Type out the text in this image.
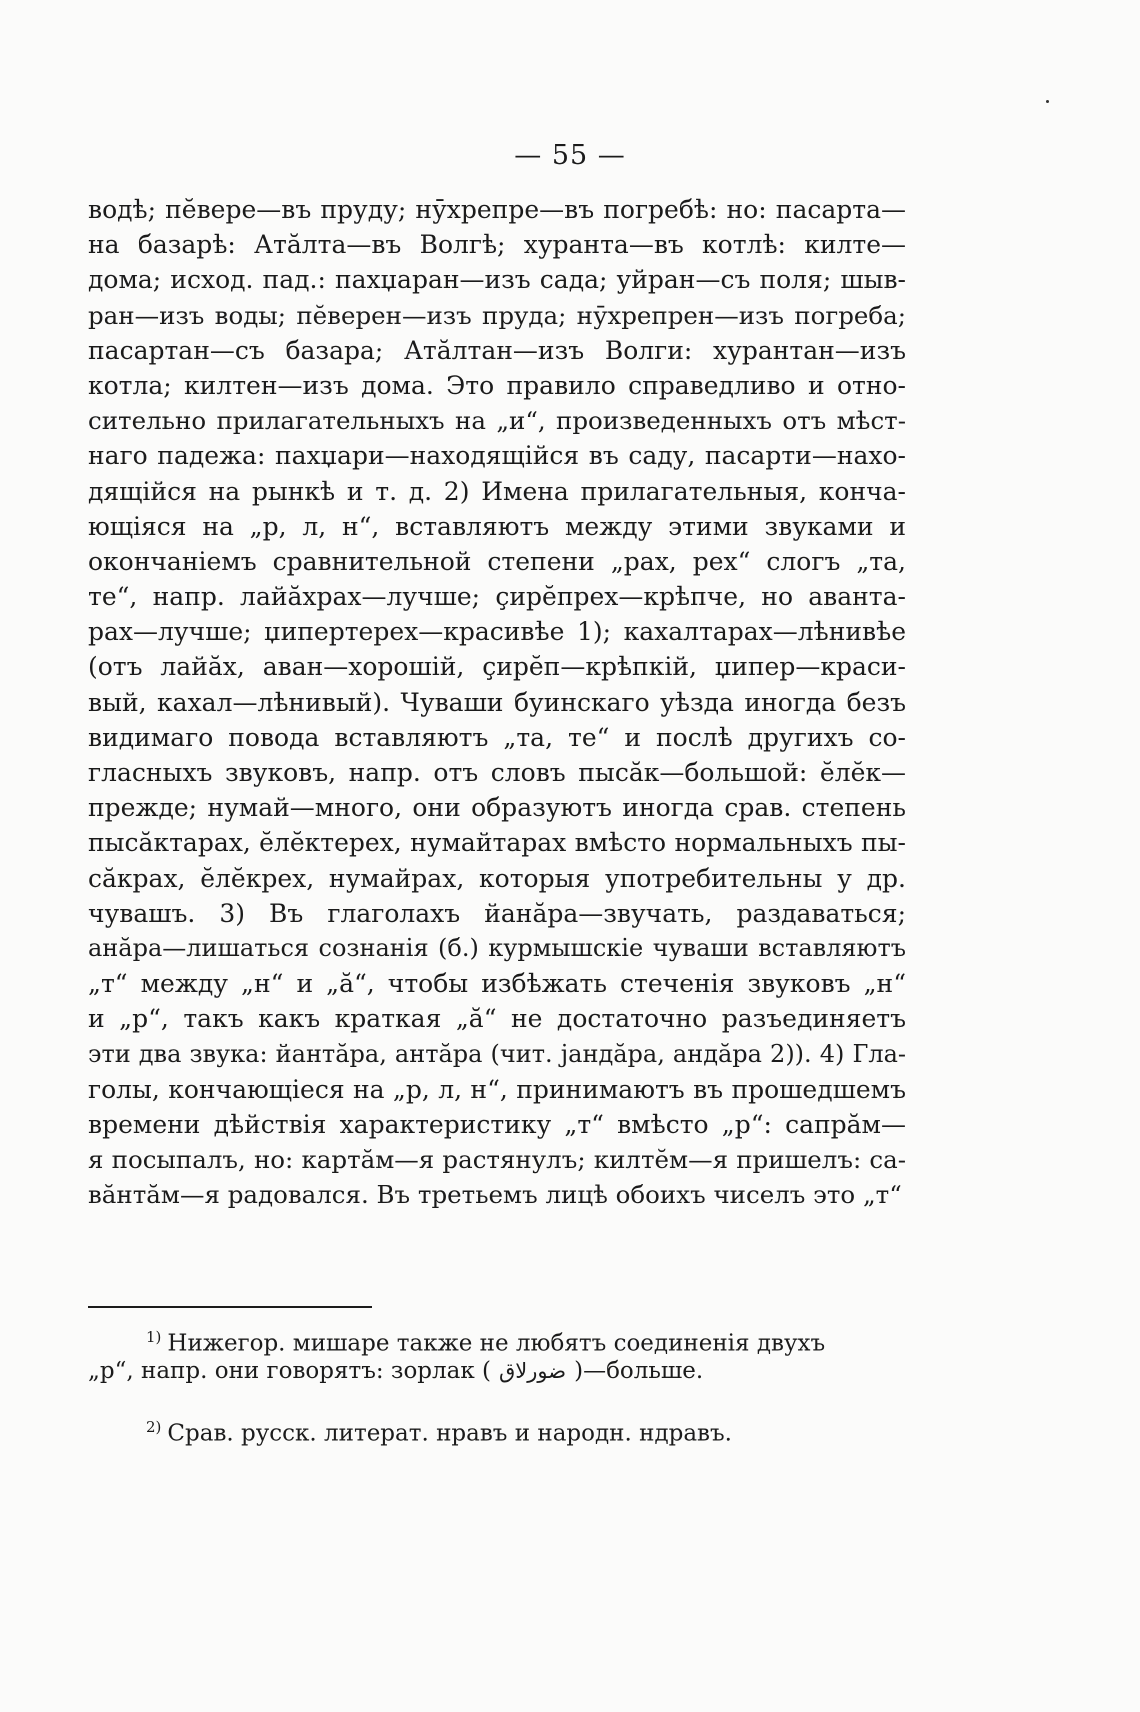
— 55 —
водѣ; пĕвере—въ пруду; нӯхрепре—въ погребѣ: но: пасарта—
на базарѣ: Атӑлта—въ Волгѣ; хуранта—въ котлѣ: килте—
дома; исход. пад.: пахџаран—изъ сада; уйран—съ поля; шыв-
ран—изъ воды; пĕверен—изъ пруда; нӯхрепрен—изъ погреба;
пасартан—съ базара; Атӑлтан—изъ Волги: хурантан—изъ
котла; килтен—изъ дома. Это правило справедливо и отно-
сительно прилагательныхъ на „и“, произведенныхъ отъ мѣст-
наго падежа: пахџари—находящійся въ саду, пасарти—нахо-
дящійся на рынкѣ и т. д. 2) Имена прилагательныя, конча-
ющіяся на „р, л, н“, вставляютъ между этими звуками и
окончаніемъ сравнительной степени „рах, рех“ слогъ „та,
те“, напр. лайӑхрах—лучше; çирĕпрех—крѣпче, но аванта-
рах—лучше; џипертерех—красивѣе 1); кахалтарах—лѣнивѣе
(отъ лайӑх, аван—хорошій, çирĕп—крѣпкій, џипер—краси-
вый, кахал—лѣнивый). Чуваши буинскаго уѣзда иногда безъ
видимаго повода вставляютъ „та, те“ и послѣ другихъ со-
гласныхъ звуковъ, напр. отъ словъ пысӑк—большой: ĕлĕк—
прежде; нумай—много, они образуютъ иногда срав. степень
пысӑктарах, ĕлĕктерех, нумайтарах вмѣсто нормальныхъ пы-
сӑкрах, ĕлĕкрех, нумайрах, которыя употребительны у др.
чувашъ. 3) Въ глаголахъ йанӑра—звучать, раздаваться;
анӑра—лишаться сознанія (б.) курмышскіе чуваши вставляютъ
„т“ между „н“ и „ӑ“, чтобы избѣжать стеченія звуковъ „н“
и „р“, такъ какъ краткая „ӑ“ не достаточно разъединяетъ
эти два звука: йантӑра, антӑра (чит. јандӑра, андӑра 2)). 4) Гла-
голы, кончающіеся на „р, л, н“, принимаютъ въ прошедшемъ
времени дѣйствія характеристику „т“ вмѣсто „р“: сапрӑм—
я посыпалъ, но: картӑм—я растянулъ; килтĕм—я пришелъ: са-
вӑнтӑм—я радовался. Въ третьемъ лицѣ обоихъ чиселъ это „т“
$^{1)}$ Нижегор. мишаре также не любятъ соединенія двухъ
„р“, напр. они говорятъ: зорлак ( ضورلاق )—больше.
$^{2)}$ Срав. русск. литерат. нравъ и народн. ндравъ.
